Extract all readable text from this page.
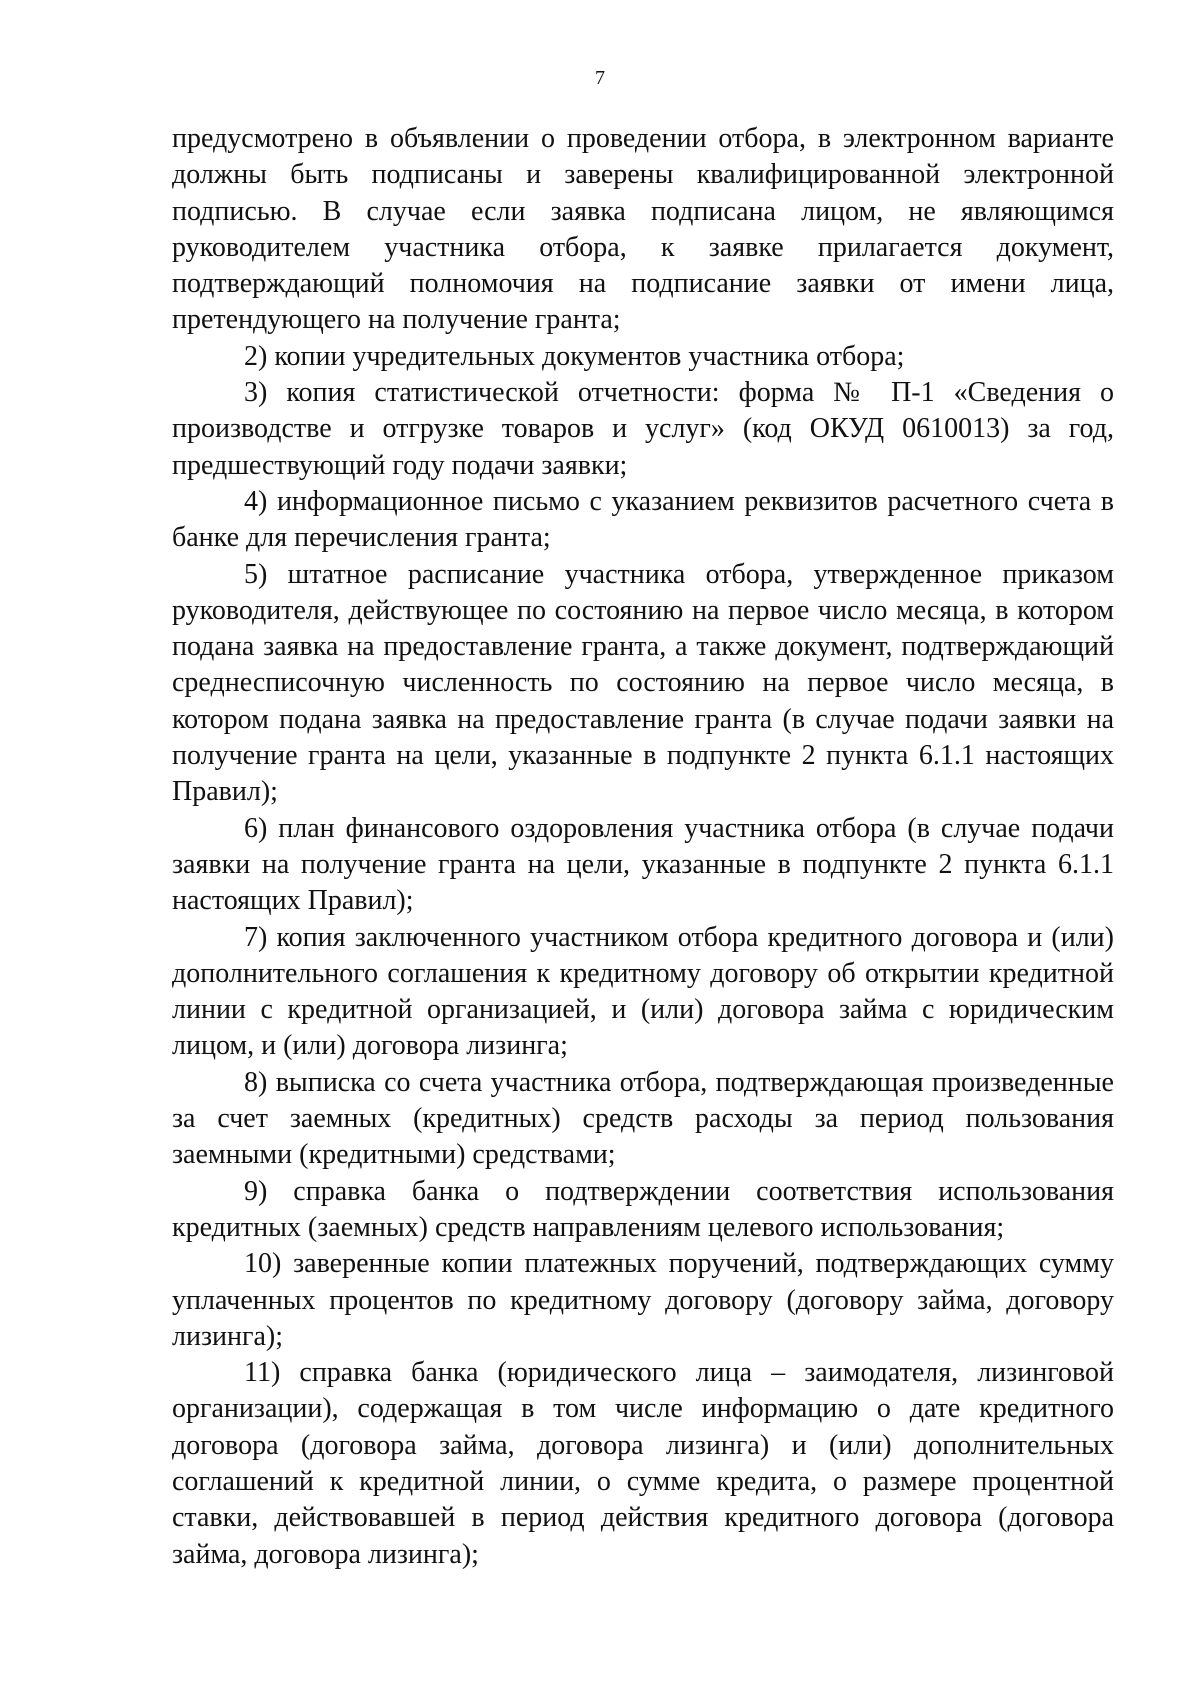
7

предусмотрено в объявлении о проведении отбора, в электронном варианте должны быть подписаны и заверены квалифицированной электронной подписью. В случае если заявка подписана лицом, не являющимся руководителем участника отбора, к заявке прилагается документ, подтверждающий полномочия на подписание заявки от имени лица, претендующего на получение гранта;

2) копии учредительных документов участника отбора;

3) копия статистической отчетности: форма № П-1 «Сведения о производстве и отгрузке товаров и услуг» (код ОКУД 0610013) за год, предшествующий году подачи заявки;

4) информационное письмо с указанием реквизитов расчетного счета в банке для перечисления гранта;

5) штатное расписание участника отбора, утвержденное приказом руководителя, действующее по состоянию на первое число месяца, в котором подана заявка на предоставление гранта, а также документ, подтверждающий среднесписочную численность по состоянию на первое число месяца, в котором подана заявка на предоставление гранта (в случае подачи заявки на получение гранта на цели, указанные в подпункте 2 пункта 6.1.1 настоящих Правил);

6) план финансового оздоровления участника отбора (в случае подачи заявки на получение гранта на цели, указанные в подпункте 2 пункта 6.1.1 настоящих Правил);

7) копия заключенного участником отбора кредитного договора и (или) дополнительного соглашения к кредитному договору об открытии кредитной линии с кредитной организацией, и (или) договора займа с юридическим лицом, и (или) договора лизинга;

8) выписка со счета участника отбора, подтверждающая произведенные за счет заемных (кредитных) средств расходы за период пользования заемными (кредитными) средствами;

9) справка банка о подтверждении соответствия использования кредитных (заемных) средств направлениям целевого использования;

10) заверенные копии платежных поручений, подтверждающих сумму уплаченных процентов по кредитному договору (договору займа, договору лизинга);

11) справка банка (юридического лица – заимодателя, лизинговой организации), содержащая в том числе информацию о дате кредитного договора (договора займа, договора лизинга) и (или) дополнительных соглашений к кредитной линии, о сумме кредита, о размере процентной ставки, действовавшей в период действия кредитного договора (договора займа, договора лизинга);
